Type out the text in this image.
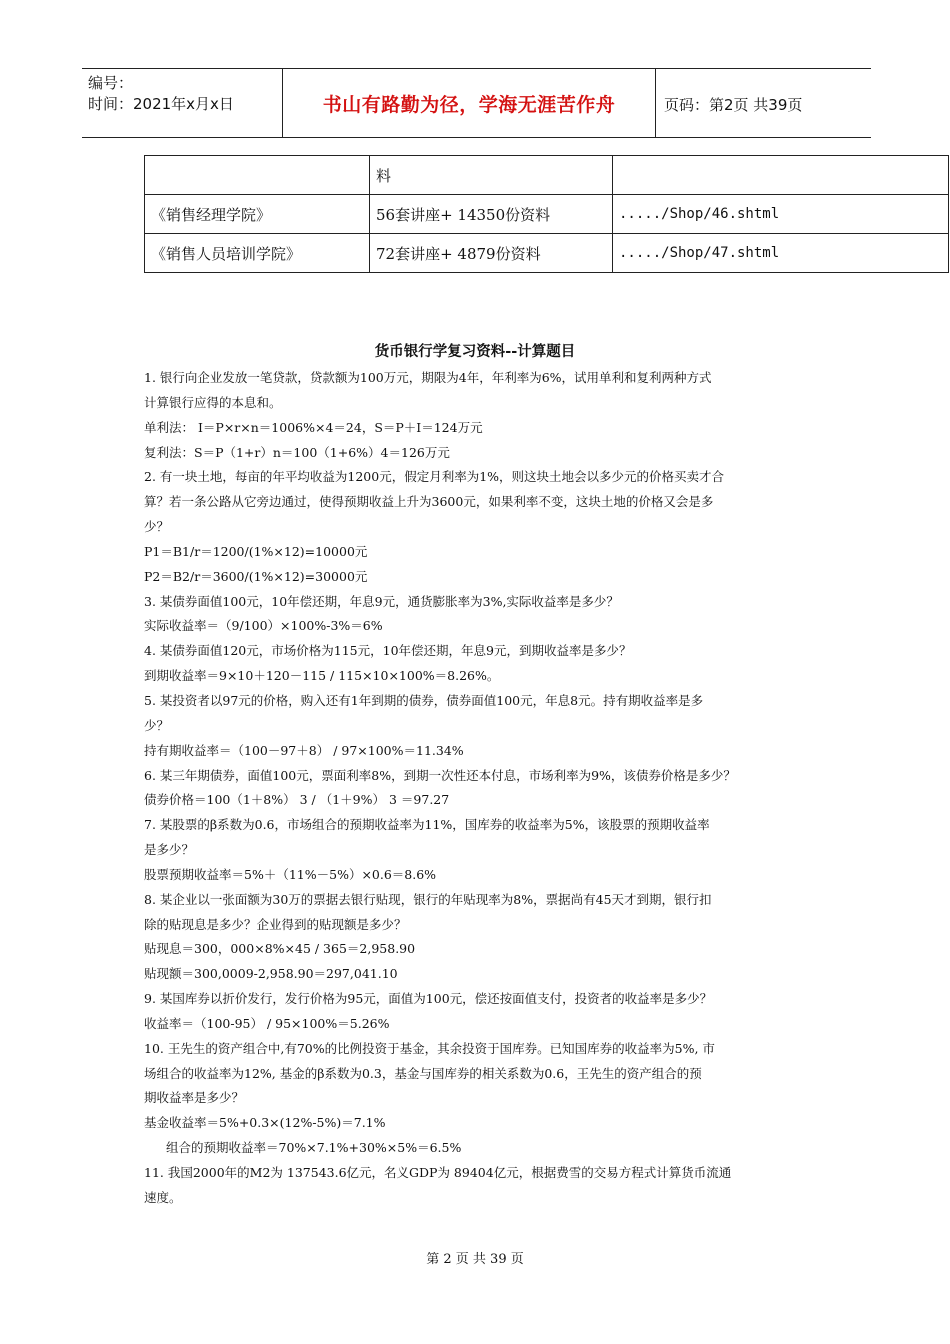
编号：
时间：2021年x月x日	书山有路勤为径，学海无涯苦作舟	页码：第2页 共39页
	料	
《销售经理学院》	56套讲座+ 14350份资料	...../Shop/46.shtml
《销售人员培训学院》	72套讲座+ 4879份资料	...../Shop/47.shtml
货币银行学复习资料--计算题目

1. 银行向企业发放一笔贷款，贷款额为100万元，期限为4年，年利率为6%，试用单利和复利两种方式

计算银行应得的本息和。

单利法： I＝P×r×n＝1006%×4＝24，S＝P＋I＝124万元

复利法：S＝P（1+r）n＝100（1+6%）4＝126万元

2. 有一块土地，每亩的年平均收益为1200元，假定月利率为1%，则这块土地会以多少元的价格买卖才合

算？若一条公路从它旁边通过，使得预期收益上升为3600元，如果利率不变，这块土地的价格又会是多

少？

P1＝B1/r＝1200/(1%×12)=10000元

P2＝B2/r＝3600/(1%×12)=30000元

3. 某债券面值100元，10年偿还期，年息9元，通货膨胀率为3%,实际收益率是多少？

实际收益率＝（9/100）×100%-3%＝6%

4. 某债券面值120元，市场价格为115元，10年偿还期，年息9元，到期收益率是多少？

到期收益率＝9×10＋120－115 / 115×10×100%＝8.26%。

5. 某投资者以97元的价格，购入还有1年到期的债券，债券面值100元，年息8元。持有期收益率是多

少？

持有期收益率＝（100－97＋8） / 97×100%＝11.34%

6. 某三年期债券，面值100元，票面利率8%，到期一次性还本付息，市场利率为9%，该债券价格是多少？

债券价格＝100（1＋8%） 3 / （1＋9%） 3 ＝97.27

7. 某股票的β系数为0.6，市场组合的预期收益率为11%，国库券的收益率为5%，该股票的预期收益率

是多少？

股票预期收益率＝5%＋（11%－5%）×0.6＝8.6%

8. 某企业以一张面额为30万的票据去银行贴现，银行的年贴现率为8%，票据尚有45天才到期，银行扣

除的贴现息是多少？企业得到的贴现额是多少？

贴现息＝300，000×8%×45 / 365＝2,958.90

贴现额＝300,0009-2,958.90＝297,041.10

9. 某国库券以折价发行，发行价格为95元，面值为100元，偿还按面值支付，投资者的收益率是多少？

收益率＝（100-95） / 95×100%＝5.26%

10. 王先生的资产组合中,有70%的比例投资于基金，其余投资于国库券。已知国库券的收益率为5%, 市

场组合的收益率为12%, 基金的β系数为0.3，基金与国库券的相关系数为0.6，王先生的资产组合的预

期收益率是多少？

基金收益率＝5%+0.3×(12%-5%)＝7.1%

组合的预期收益率＝70%×7.1%+30%×5%＝6.5%

11. 我国2000年的M2为 137543.6亿元，名义GDP为 89404亿元，根据费雪的交易方程式计算货币流通

速度。

第 2 页 共 39 页
